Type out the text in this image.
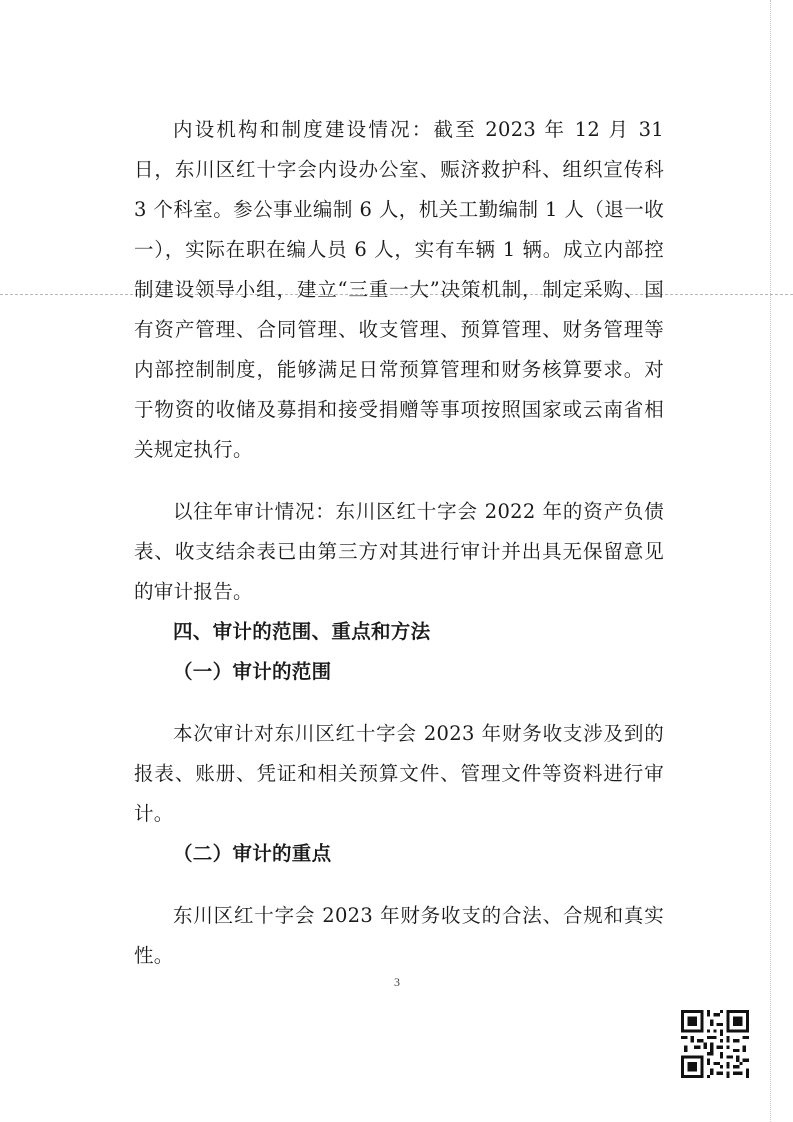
内设机构和制度建设情况：截至 2023 年 12 月 31 日，东川区红十字会内设办公室、赈济救护科、组织宣传科 3 个科室。参公事业编制 6 人，机关工勤编制 1 人（退一收一），实际在职在编人员 6 人，实有车辆 1 辆。成立内部控制建设领导小组，建立“三重一大”决策机制，制定采购、国有资产管理、合同管理、收支管理、预算管理、财务管理等内部控制制度，能够满足日常预算管理和财务核算要求。对于物资的收储及募捐和接受捐赠等事项按照国家或云南省相关规定执行。

以往年审计情况：东川区红十字会 2022 年的资产负债表、收支结余表已由第三方对其进行审计并出具无保留意见的审计报告。

四、审计的范围、重点和方法

（一）审计的范围

本次审计对东川区红十字会 2023 年财务收支涉及到的报表、账册、凭证和相关预算文件、管理文件等资料进行审计。

（二）审计的重点

东川区红十字会 2023 年财务收支的合法、合规和真实性。

3
